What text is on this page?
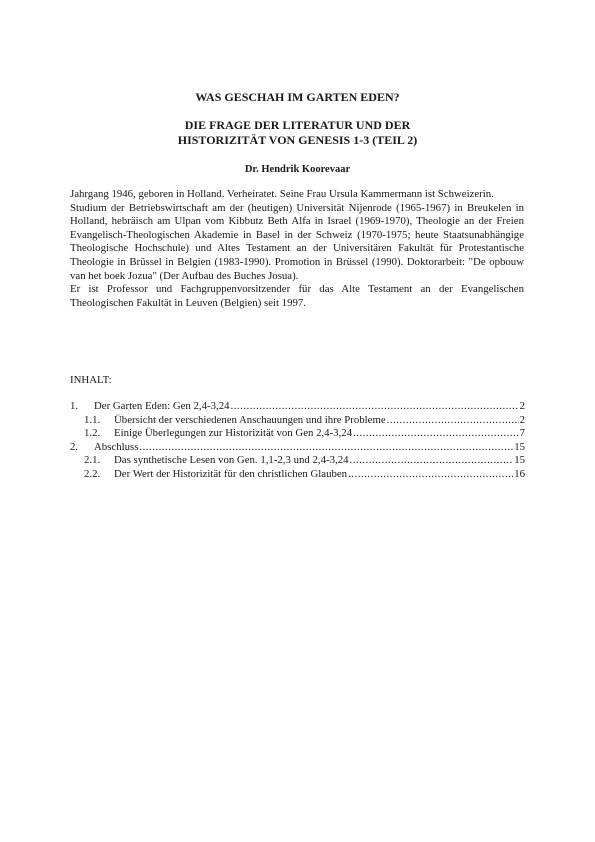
WAS GESCHAH IM GARTEN EDEN?
DIE FRAGE DER LITERATUR UND DER
HISTORIZITÄT VON GENESIS 1-3 (TEIL 2)
Dr. Hendrik Koorevaar

Jahrgang 1946, geboren in Holland. Verheiratet. Seine Frau Ursula Kammermann ist Schweizerin.

Studium der Betriebswirtschaft am der (heutigen) Universität Nijenrode (1965-1967) in Breukelen in Holland, hebräisch am Ulpan vom Kibbutz Beth Alfa in Israel (1969-1970), Theologie an der Freien Evangelisch-Theologischen Akademie in Basel in der Schweiz (1970-1975; heute Staatsunabhängige Theologische Hochschule) und Altes Testament an der Universitären Fakultät für Protestantische Theologie in Brüssel in Belgien (1983-1990). Promotion in Brüssel (1990). Doktorarbeit: "De opbouw van het boek Jozua" (Der Aufbau des Buches Josua).

Er ist Professor und Fachgruppenvorsitzender für das Alte Testament an der Evangelischen Theologischen Fakultät in Leuven (Belgien) seit 1997.

INHALT:
1.	Der Garten Eden: Gen 2,4-3,24 .....	2
1.1.	Übersicht der verschiedenen Anschauungen und ihre Probleme .....	2
1.2.	Einige Überlegungen zur Historizität von Gen 2,4-3,24 .....	7
2.	Abschluss .....	15
2.1.	Das synthetische Lesen von Gen. 1,1-2,3 und 2,4-3,24 .....	15
2.2.	Der Wert der Historizität für den christlichen Glauben .....	16
